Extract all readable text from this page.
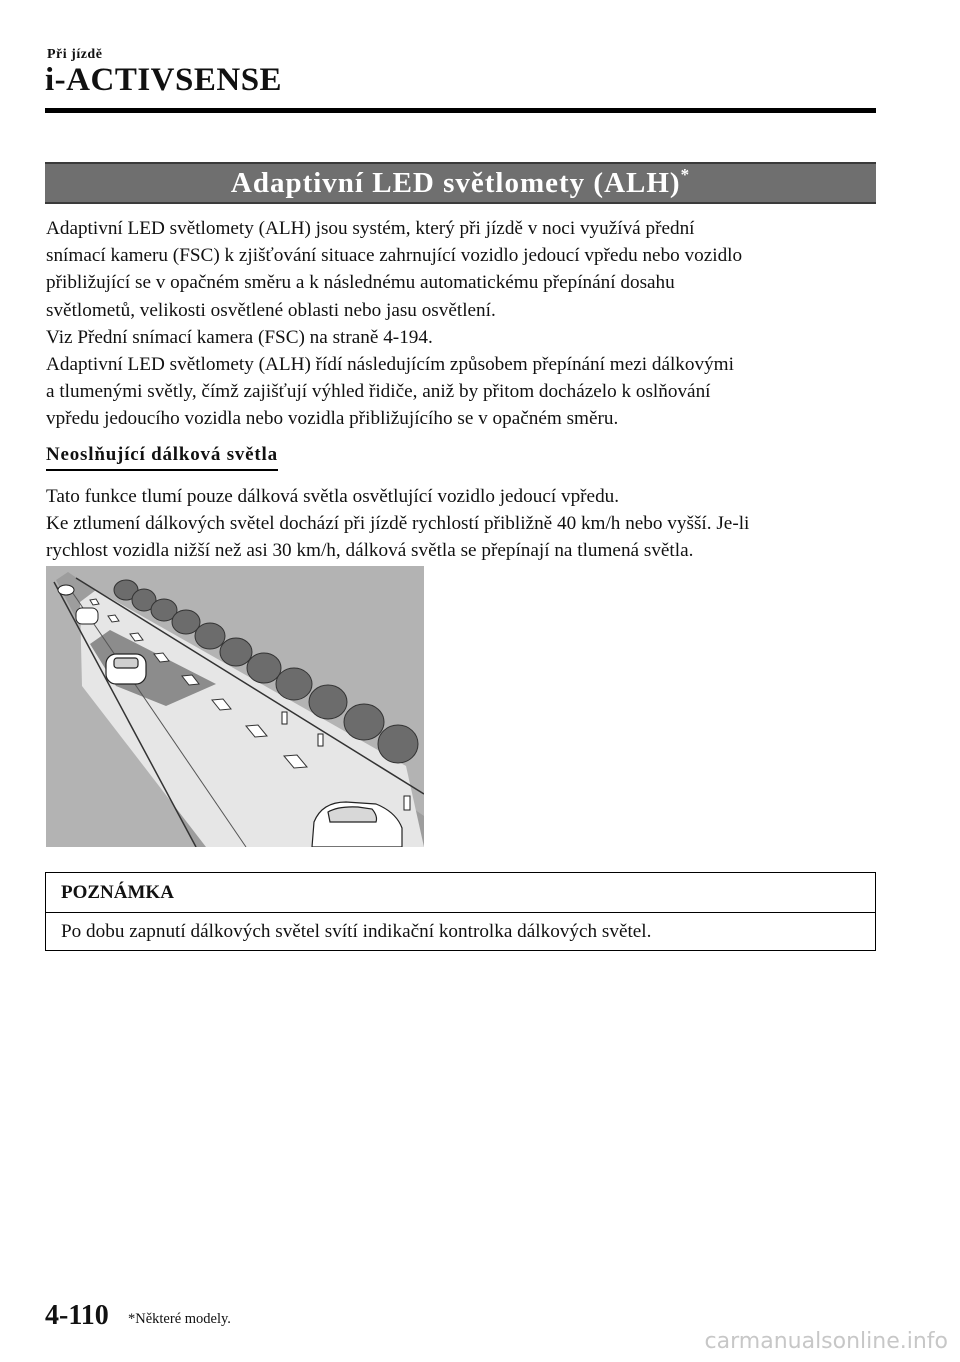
Při jízdě
i-ACTIVSENSE
Adaptivní LED světlomety (ALH)*

Adaptivní LED světlomety (ALH) jsou systém, který při jízdě v noci využívá přední

snímací kameru (FSC) k zjišťování situace zahrnující vozidlo jedoucí vpředu nebo vozidlo

přibližující se v opačném směru a k následnému automatickému přepínání dosahu

světlometů, velikosti osvětlené oblasti nebo jasu osvětlení.

Viz Přední snímací kamera (FSC) na straně 4-194.

Adaptivní LED světlomety (ALH) řídí následujícím způsobem přepínání mezi dálkovými

a tlumenými světly, čímž zajišťují výhled řidiče, aniž by přitom docházelo k oslňování

vpředu jedoucího vozidla nebo vozidla přibližujícího se v opačném směru.

Neoslňující dálková světla

Tato funkce tlumí pouze dálková světla osvětlující vozidlo jedoucí vpředu.

Ke ztlumení dálkových světel dochází při jízdě rychlostí přibližně 40 km/h nebo vyšší. Je-li

rychlost vozidla nižší než asi 30 km/h, dálková světla se přepínají na tlumená světla.

POZNÁMKA
Po dobu zapnutí dálkových světel svítí indikační kontrolka dálkových světel.
4-110 *Některé modely.
carmanualsonline.info
